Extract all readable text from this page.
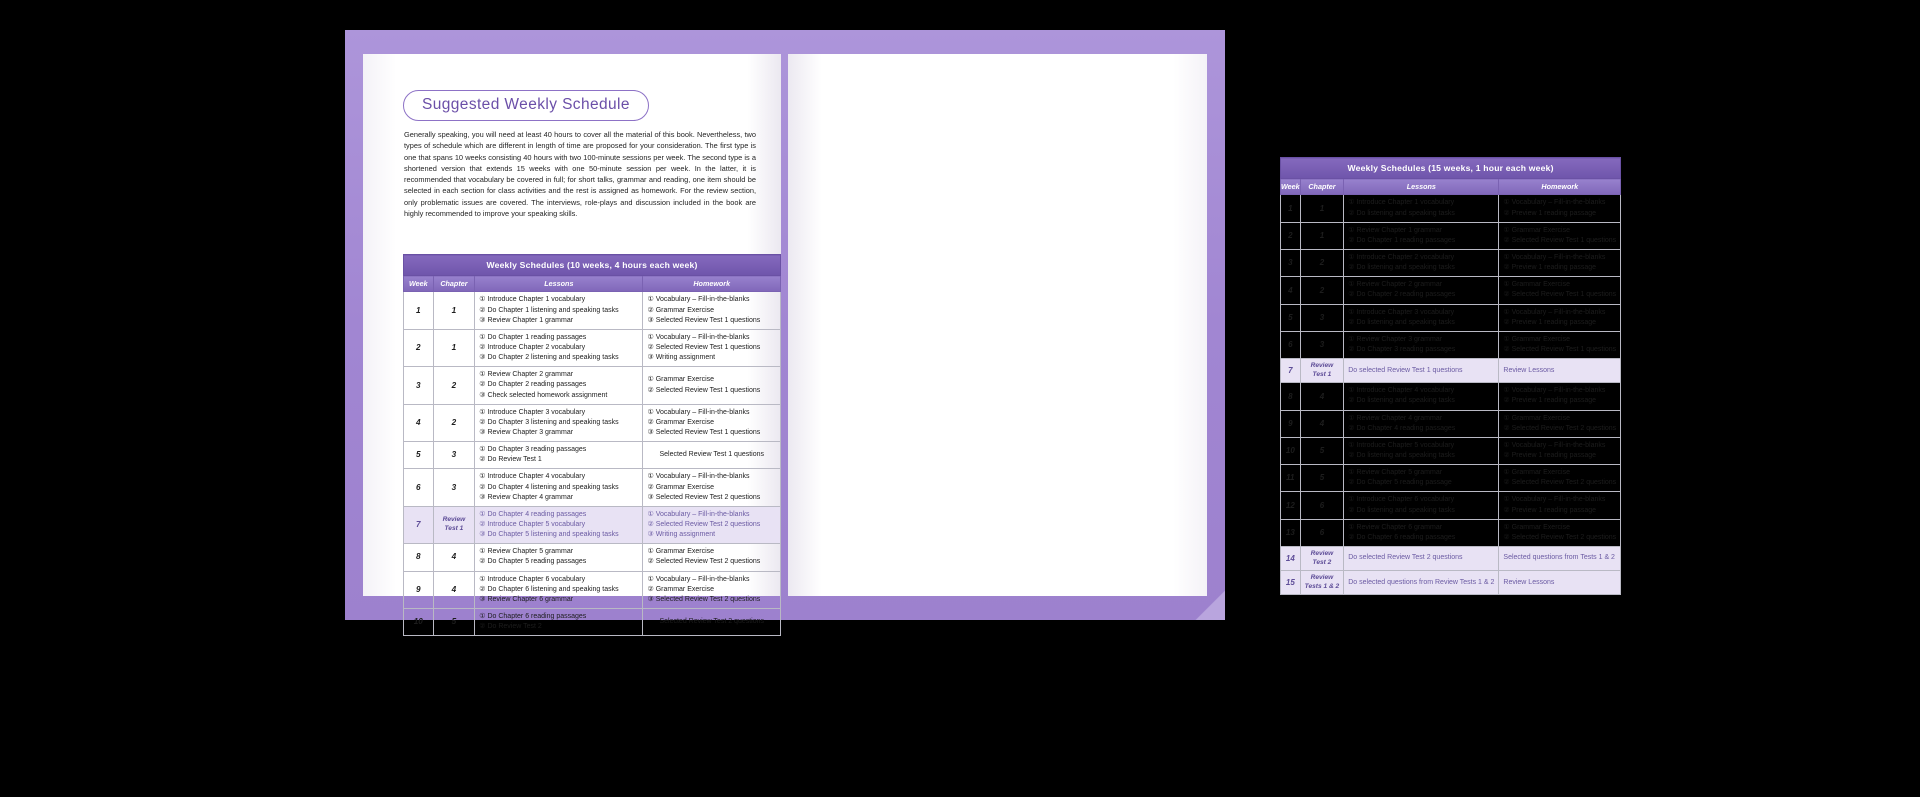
Suggested Weekly Schedule
Generally speaking, you will need at least 40 hours to cover all the material of this book. Nevertheless, two types of schedule which are different in length of time are proposed for your consideration. The first type is one that spans 10 weeks consisting 40 hours with two 100-minute sessions per week. The second type is a shortened version that extends 15 weeks with one 50-minute session per week. In the latter, it is recommended that vocabulary be covered in full; for short talks, grammar and reading, one item should be selected in each section for class activities and the rest is assigned as homework. For the review section, only problematic issues are covered. The interviews, role-plays and discussion included in the book are highly recommended to improve your speaking skills.
Weekly Schedules (10 weeks, 4 hours each week)			
Week	Chapter	Lessons	Homework
1	1	① Introduce Chapter 1 vocabulary
② Do Chapter 1 listening and speaking tasks
③ Review Chapter 1 grammar	① Vocabulary – Fill-in-the-blanks
② Grammar Exercise
③ Selected Review Test 1 questions

2	1	① Do Chapter 1 reading passages
② Introduce Chapter 2 vocabulary
③ Do Chapter 2 listening and speaking tasks	① Vocabulary – Fill-in-the-blanks
② Selected Review Test 1 questions
③ Writing assignment

3	2	① Review Chapter 2 grammar
② Do Chapter 2 reading passages
③ Check selected homework assignment	① Grammar Exercise
② Selected Review Test 1 questions

4	2	① Introduce Chapter 3 vocabulary
② Do Chapter 3 listening and speaking tasks
③ Review Chapter 3 grammar	① Vocabulary – Fill-in-the-blanks
② Grammar Exercise
③ Selected Review Test 1 questions

5	3	① Do Chapter 3 reading passages
② Do Review Test 1	Selected Review Test 1 questions

6	3	① Introduce Chapter 4 vocabulary
② Do Chapter 4 listening and speaking tasks
③ Review Chapter 4 grammar	① Vocabulary – Fill-in-the-blanks
② Grammar Exercise
③ Selected Review Test 2 questions

7	Review
Test 1	① Do Chapter 4 reading passages
② Introduce Chapter 5 vocabulary
③ Do Chapter 5 listening and speaking tasks	① Vocabulary – Fill-in-the-blanks
② Selected Review Test 2 questions
③ Writing assignment

8	4	① Review Chapter 5 grammar
② Do Chapter 5 reading passages	① Grammar Exercise
② Selected Review Test 2 questions

9	4	① Introduce Chapter 6 vocabulary
② Do Chapter 6 listening and speaking tasks
③ Review Chapter 6 grammar	① Vocabulary – Fill-in-the-blanks
② Grammar Exercise
③ Selected Review Test 2 questions

10	5	① Do Chapter 6 reading passages
② Do Review Test 2	Selected Review Test 2 questions
Weekly Schedules (15 weeks, 1 hour each week)			
Week	Chapter	Lessons	Homework
1	1	① Introduce Chapter 1 vocabulary
② Do listening and speaking tasks	① Vocabulary – Fill-in-the-blanks
② Preview 1 reading passage

2	1	① Review Chapter 1 grammar
② Do Chapter 1 reading passages	① Grammar Exercise
② Selected Review Test 1 questions

3	2	① Introduce Chapter 2 vocabulary
② Do listening and speaking tasks	① Vocabulary – Fill-in-the-blanks
② Preview 1 reading passage

4	2	① Review Chapter 2 grammar
② Do Chapter 2 reading passages	① Grammar Exercise
② Selected Review Test 1 questions

5	3	① Introduce Chapter 3 vocabulary
② Do listening and speaking tasks	① Vocabulary – Fill-in-the-blanks
② Preview 1 reading passage

6	3	① Review Chapter 3 grammar
② Do Chapter 3 reading passages	① Grammar Exercise
② Selected Review Test 1 questions

7	Review
Test 1	Do selected Review Test 1 questions	Review Lessons

8	4	① Introduce Chapter 4 vocabulary
② Do listening and speaking tasks	① Vocabulary – Fill-in-the-blanks
② Preview 1 reading passage

9	4	① Review Chapter 4 grammar
② Do Chapter 4 reading passages	① Grammar Exercise
② Selected Review Test 2 questions

10	5	① Introduce Chapter 5 vocabulary
② Do listening and speaking tasks	① Vocabulary – Fill-in-the-blanks
② Preview 1 reading passage

11	5	① Review Chapter 5 grammar
② Do Chapter 5 reading passage	① Grammar Exercise
② Selected Review Test 2 questions

12	6	① Introduce Chapter 6 vocabulary
② Do listening and speaking tasks	① Vocabulary – Fill-in-the-blanks
② Preview 1 reading passage

13	6	① Review Chapter 6 grammar
② Do Chapter 6 reading passages	① Grammar Exercise
② Selected Review Test 2 questions

14	Review
Test 2	Do selected Review Test 2 questions	Selected questions from Tests 1 & 2

15	Review
Tests 1 & 2	Do selected questions from Review Tests 1 & 2	Review Lessons
